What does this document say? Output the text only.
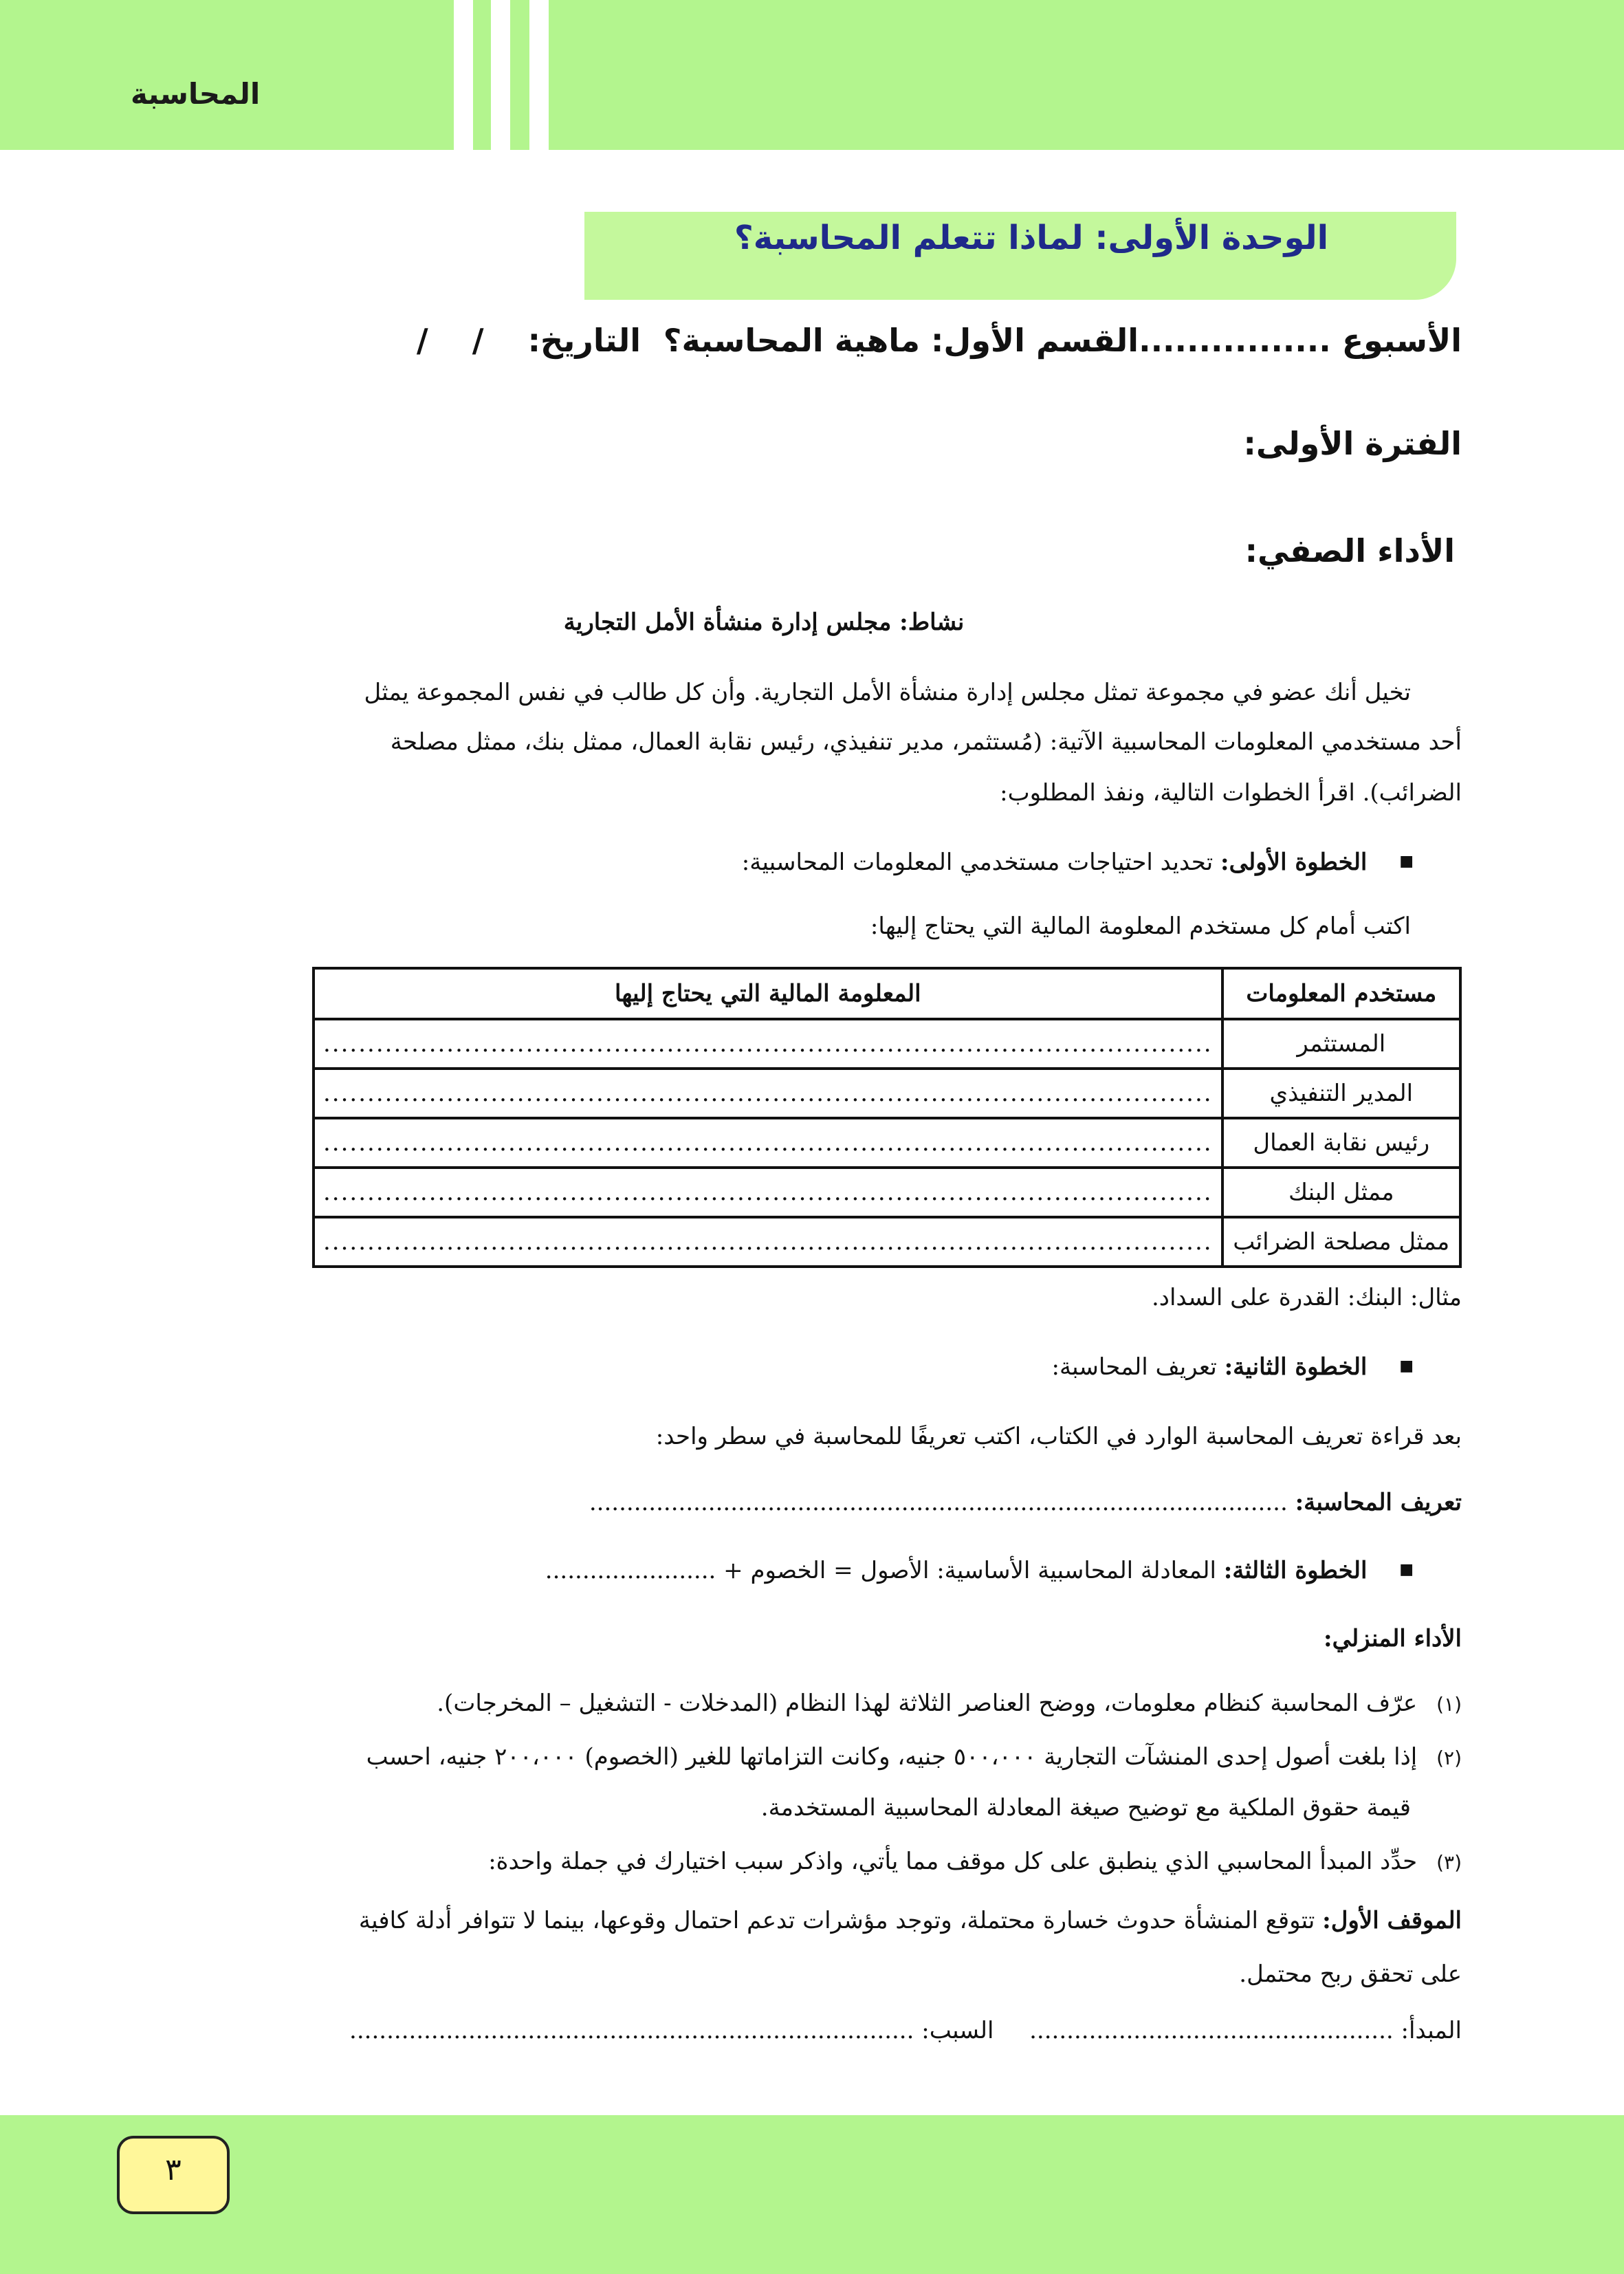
المحاسبة
الوحدة الأولى: لماذا تتعلم المحاسبة؟
الأسبوع ................
القسم الأول: ماهية المحاسبة؟
التاريخ:    /    /
الفترة الأولى:
الأداء الصفي:
نشاط: مجلس إدارة منشأة الأمل التجارية
تخيل أنك عضو في مجموعة تمثل مجلس إدارة منشأة الأمل التجارية. وأن كل طالب في نفس المجموعة يمثل
أحد مستخدمي المعلومات المحاسبية الآتية: (مُستثمر، مدير تنفيذي، رئيس نقابة العمال، ممثل بنك، ممثل مصلحة
الضرائب). اقرأ الخطوات التالية، ونفذ المطلوب:
■ الخطوة الأولى: تحديد احتياجات مستخدمي المعلومات المحاسبية:
اكتب أمام كل مستخدم المعلومة المالية التي يحتاج إليها:
مستخدم المعلومات	المعلومة المالية التي يحتاج إليها
المستثمر	.....................................................................................................
المدير التنفيذي	.....................................................................................................
رئيس نقابة العمال	.....................................................................................................
ممثل البنك	.....................................................................................................
ممثل مصلحة الضرائب	.....................................................................................................
مثال: البنك: القدرة على السداد.
■ الخطوة الثانية: تعريف المحاسبة:
بعد قراءة تعريف المحاسبة الوارد في الكتاب، اكتب تعريفًا للمحاسبة في سطر واحد:
تعريف المحاسبة: ..............................................................................................
■ الخطوة الثالثة: المعادلة المحاسبية الأساسية: الأصول = الخصوم + .......................
الأداء المنزلي:
(١) عرّف المحاسبة كنظام معلومات، ووضح العناصر الثلاثة لهذا النظام (المدخلات - التشغيل – المخرجات).
(٢) إذا بلغت أصول إحدى المنشآت التجارية ٥٠٠،٠٠٠ جنيه، وكانت التزاماتها للغير (الخصوم) ٢٠٠،٠٠٠ جنيه، احسب
قيمة حقوق الملكية مع توضيح صيغة المعادلة المحاسبية المستخدمة.
(٣) حدِّد المبدأ المحاسبي الذي ينطبق على كل موقف مما يأتي، واذكر سبب اختيارك في جملة واحدة:
الموقف الأول: تتوقع المنشأة حدوث خسارة محتملة، وتوجد مؤشرات تدعم احتمال وقوعها، بينما لا تتوافر أدلة كافية
على تحقق ربح محتمل.
المبدأ: .................................................  السبب: ............................................................................
٣
